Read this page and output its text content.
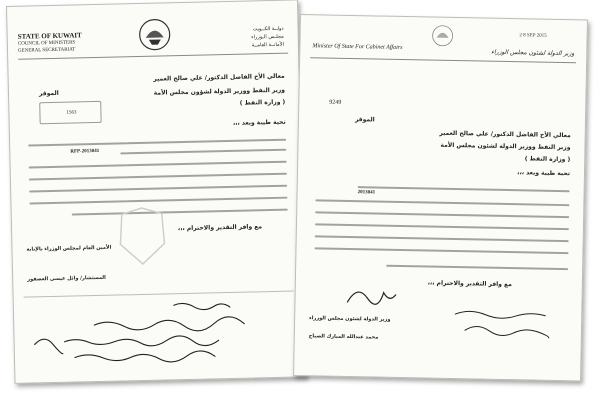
STATE OF KUWAIT
COUNCIL OF MINISTERS
GENERAL SECRETARIAT
دولــة الكــويت
مجلـس الـوزراء
الأمانــة العامــة
معالي الأخ الفاضل الدكتور/ علي صالح العمير
الموقر	وزير النفط ووزير الدولة لشؤون مجلس الأمة
( وزارة النفط )
1563
تحية طيبة وبعد ،،،
RFP-2013041
مع وافر التقدير والاحترام ،،،
الأمين العام لمجلس الوزراء بالإنابة
المستشار/ وائل عيسى العصفور
Minister Of State For Cabinet Affairs
2 8 SEP 2015
وزير الدولة لشئون مجلس الوزراء
9249
معالي الأخ الفاضل الدكتور/ علي صالح العمير
الموقر
وزير النفط ووزير الدولة لشئون مجلس الأمة
( وزارة النفط )
تحية طيبة وبعد ،،،
2013041
مع وافر التقدير والاحترام ،،،
وزير الدولة لشئون مجلس الوزراء
محمد عبدالله المبارك الصباح
